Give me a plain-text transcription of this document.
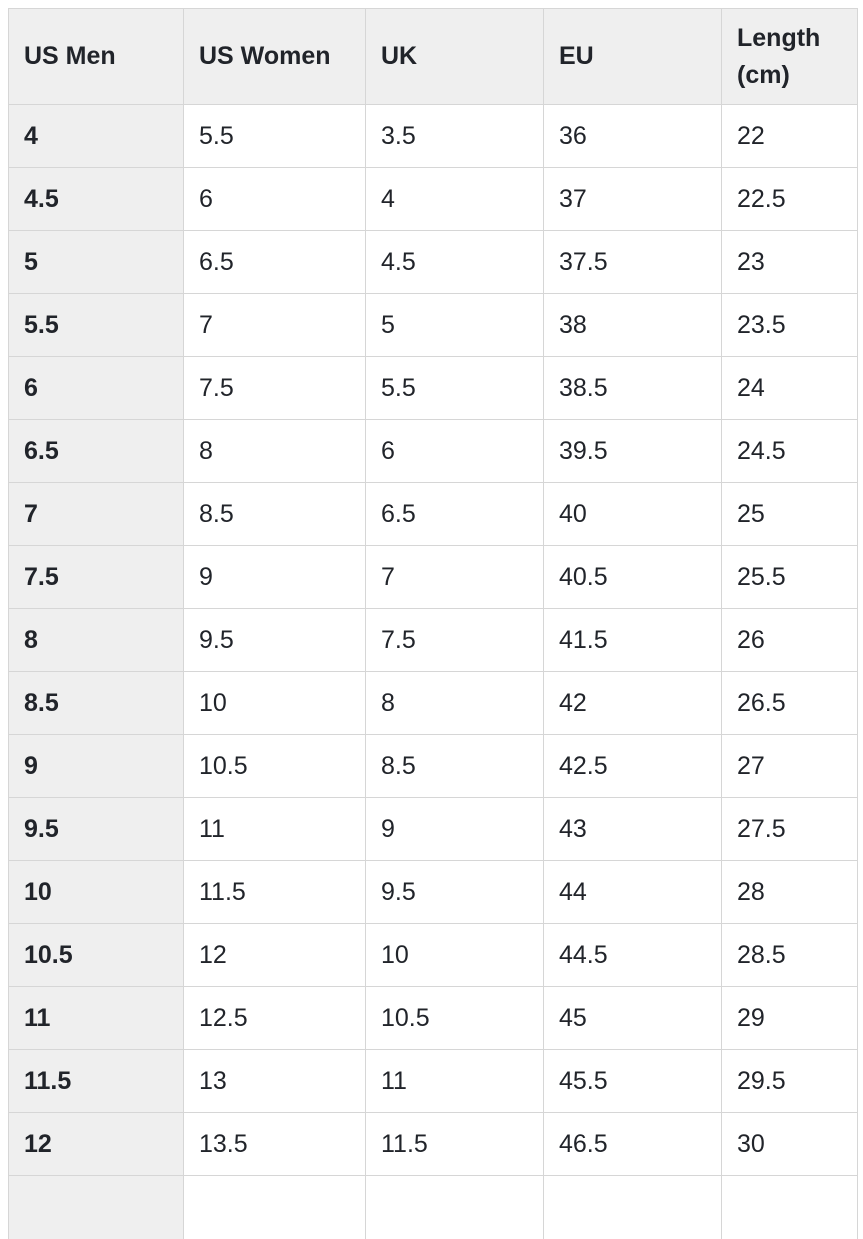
US Men	US Women	UK	EU	Length (cm)
4	5.5	3.5	36	22
4.5	6	4	37	22.5
5	6.5	4.5	37.5	23
5.5	7	5	38	23.5
6	7.5	5.5	38.5	24
6.5	8	6	39.5	24.5
7	8.5	6.5	40	25
7.5	9	7	40.5	25.5
8	9.5	7.5	41.5	26
8.5	10	8	42	26.5
9	10.5	8.5	42.5	27
9.5	11	9	43	27.5
10	11.5	9.5	44	28
10.5	12	10	44.5	28.5
11	12.5	10.5	45	29
11.5	13	11	45.5	29.5
12	13.5	11.5	46.5	30
